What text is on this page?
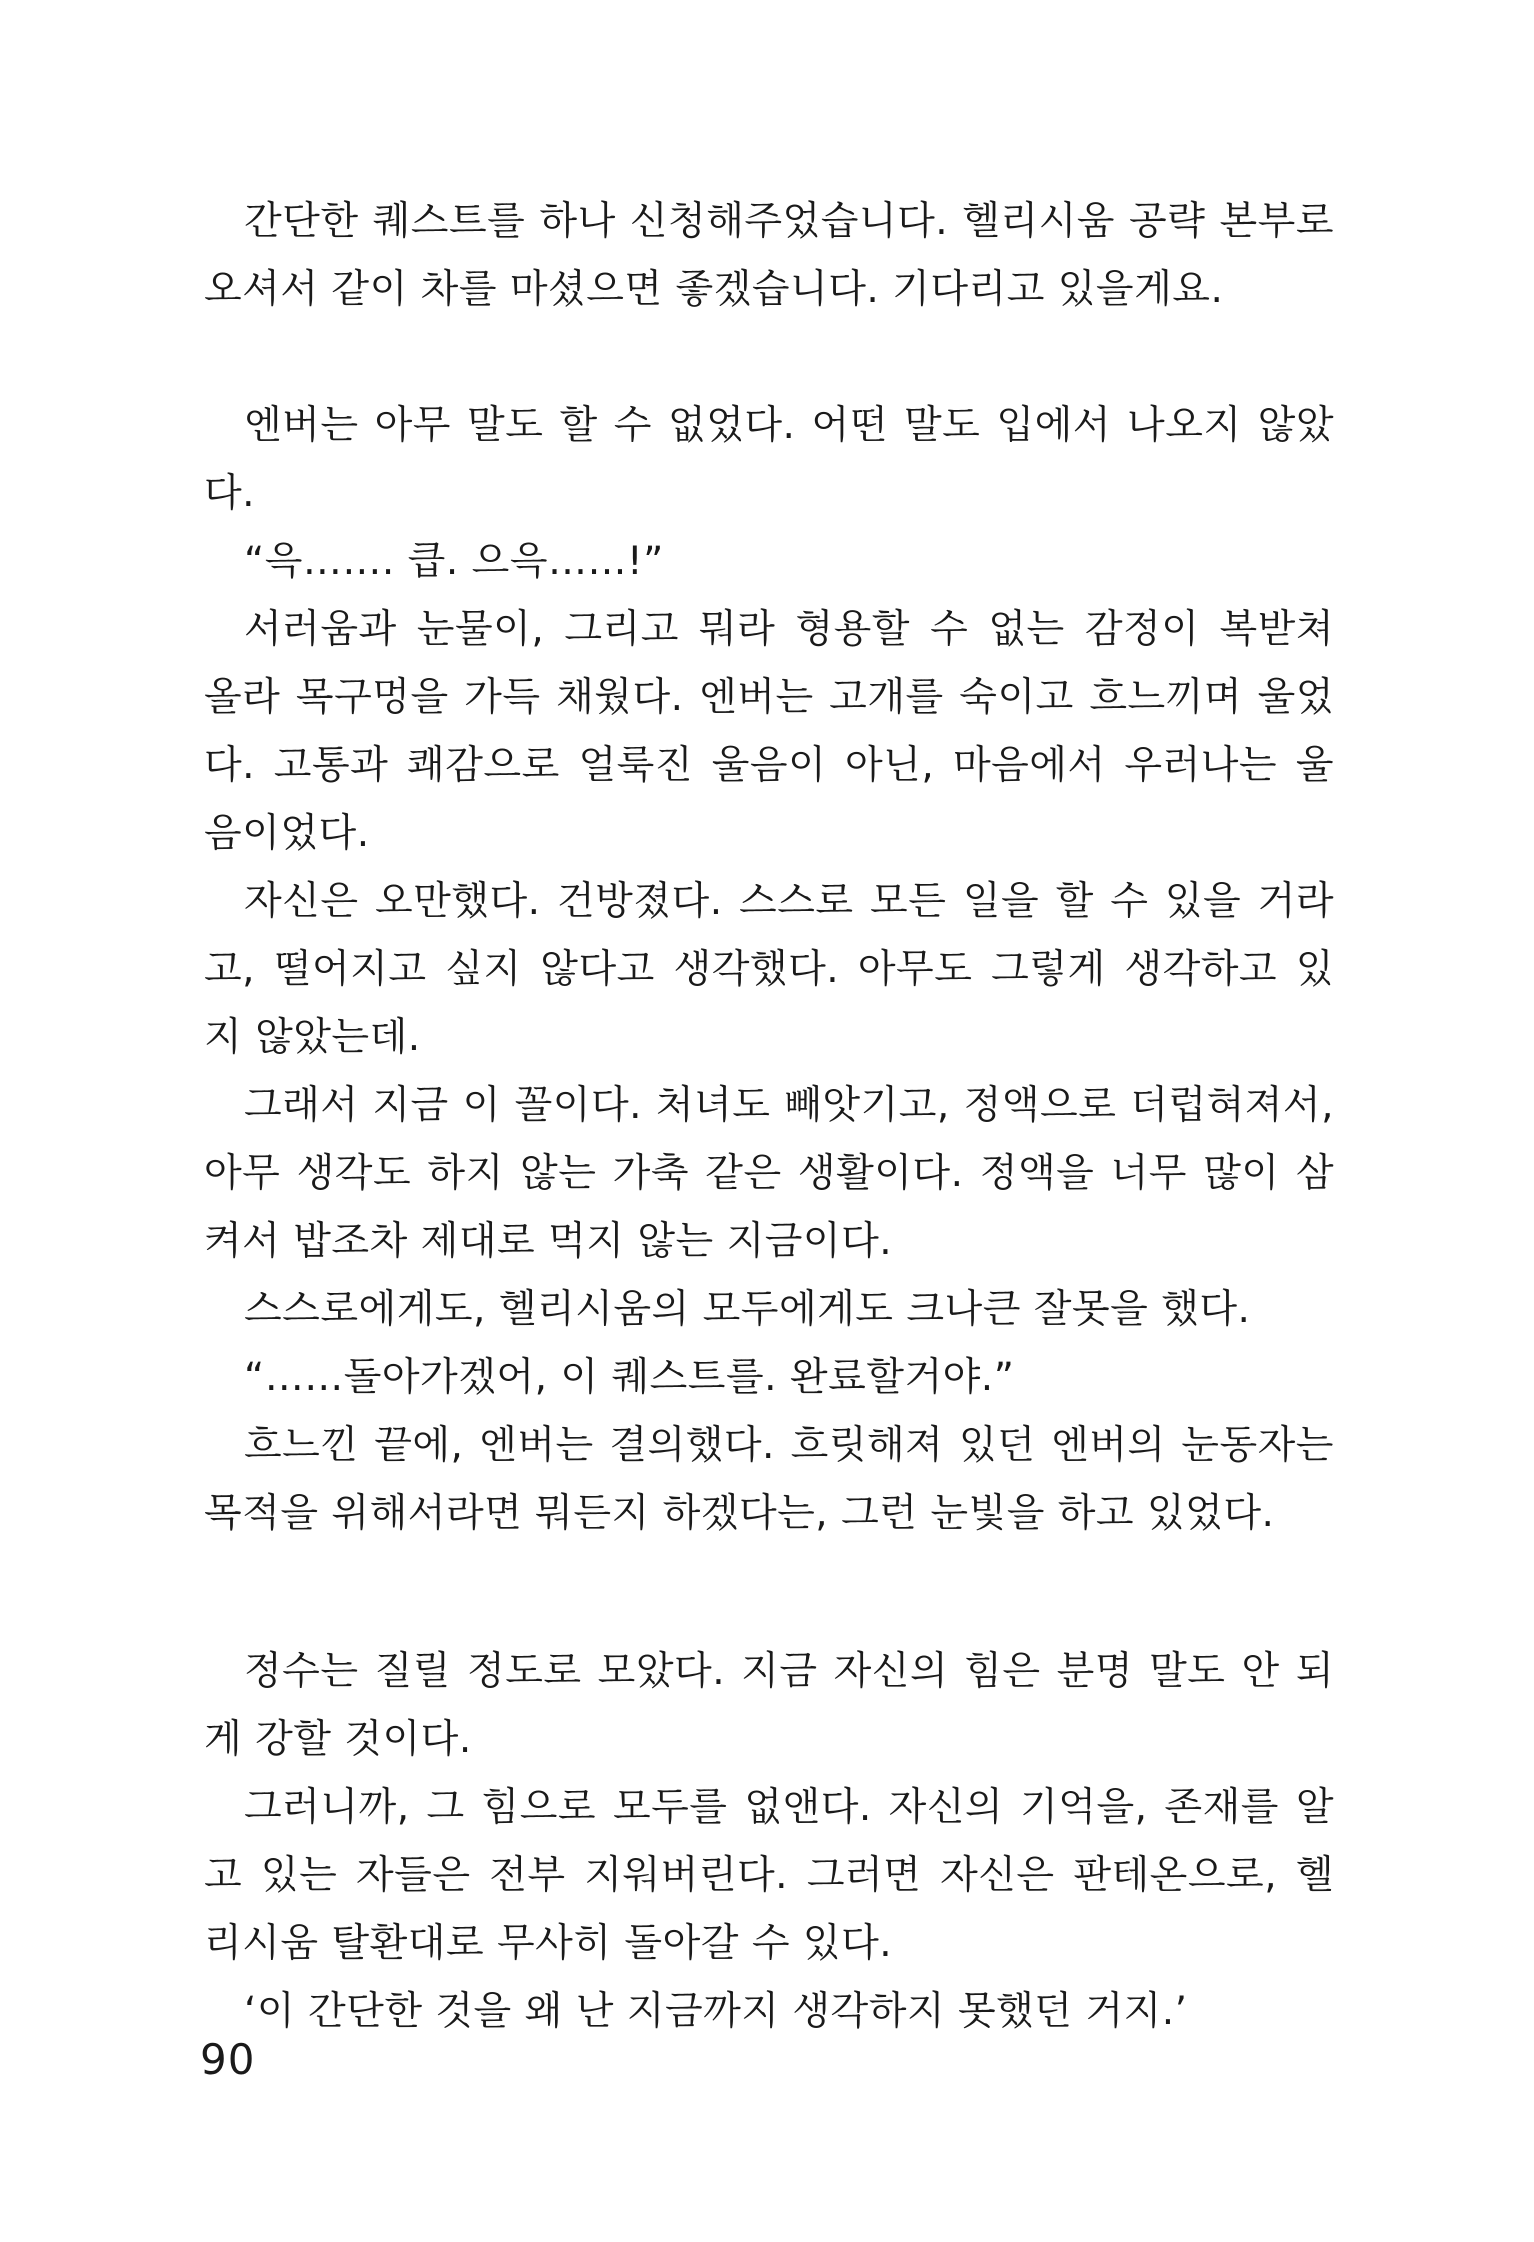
간단한 퀘스트를 하나 신청해주었습니다. 헬리시움 공략 본부로
오셔서 같이 차를 마셨으면 좋겠습니다. 기다리고 있을게요.
엔버는 아무 말도 할 수 없었다. 어떤 말도 입에서 나오지 않았
다.
“윽……. 큽. 으윽……!”
서러움과 눈물이, 그리고 뭐라 형용할 수 없는 감정이 복받쳐
올라 목구멍을 가득 채웠다. 엔버는 고개를 숙이고 흐느끼며 울었
다. 고통과 쾌감으로 얼룩진 울음이 아닌, 마음에서 우러나는 울
음이었다.
자신은 오만했다. 건방졌다. 스스로 모든 일을 할 수 있을 거라
고, 떨어지고 싶지 않다고 생각했다. 아무도 그렇게 생각하고 있
지 않았는데.
그래서 지금 이 꼴이다. 처녀도 빼앗기고, 정액으로 더럽혀져서,
아무 생각도 하지 않는 가축 같은 생활이다. 정액을 너무 많이 삼
켜서 밥조차 제대로 먹지 않는 지금이다.
스스로에게도, 헬리시움의 모두에게도 크나큰 잘못을 했다.
“……돌아가겠어, 이 퀘스트를. 완료할거야.”
흐느낀 끝에, 엔버는 결의했다. 흐릿해져 있던 엔버의 눈동자는
목적을 위해서라면 뭐든지 하겠다는, 그런 눈빛을 하고 있었다.
정수는 질릴 정도로 모았다. 지금 자신의 힘은 분명 말도 안 되
게 강할 것이다.
그러니까, 그 힘으로 모두를 없앤다. 자신의 기억을, 존재를 알
고 있는 자들은 전부 지워버린다. 그러면 자신은 판테온으로, 헬
리시움 탈환대로 무사히 돌아갈 수 있다.
‘이 간단한 것을 왜 난 지금까지 생각하지 못했던 거지.’
90
